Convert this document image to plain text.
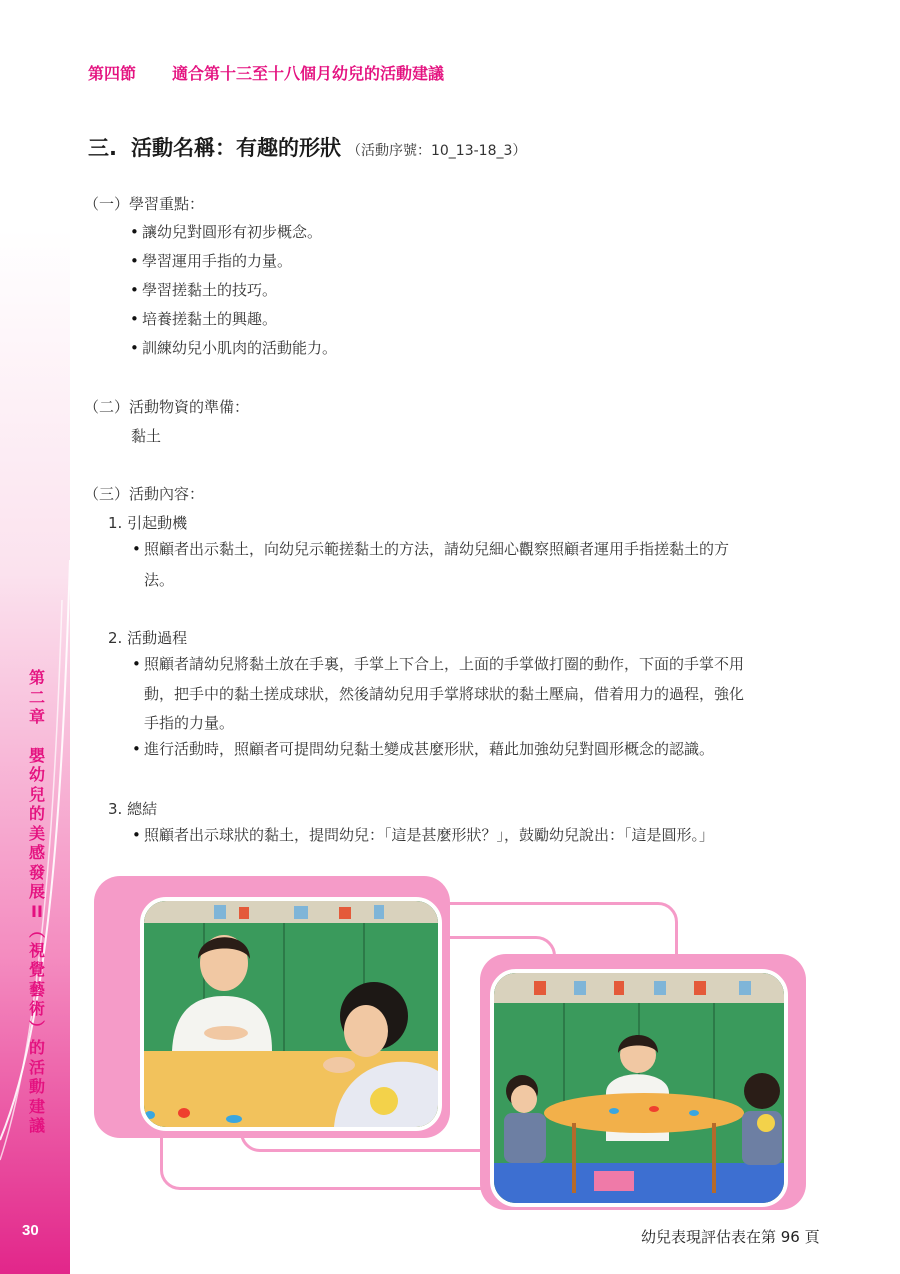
第
二
章
嬰
幼
兒
的
美
感
發
展
II
︵
視
覺
藝
術
︶
的
活
動
建
議
30
第四節 適合第十三至十八個月幼兒的活動建議
三. 活動名稱：有趣的形狀 （活動序號：10_13-18_3）
（一）學習重點：
• 讓幼兒對圓形有初步概念。
• 學習運用手指的力量。
• 學習搓黏土的技巧。
• 培養搓黏土的興趣。
• 訓練幼兒小肌肉的活動能力。
（二）活動物資的準備：
黏土
（三）活動內容：
1. 引起動機
• 照顧者出示黏土，向幼兒示範搓黏土的方法，請幼兒細心觀察照顧者運用手指搓黏土的方
法。
2. 活動過程
• 照顧者請幼兒將黏土放在手裏，手掌上下合上，上面的手掌做打圈的動作，下面的手掌不用
動，把手中的黏土搓成球狀，然後請幼兒用手掌將球狀的黏土壓扁，借着用力的過程，強化
手指的力量。
• 進行活動時，照顧者可提問幼兒黏土變成甚麼形狀，藉此加強幼兒對圓形概念的認識。
3. 總結
• 照顧者出示球狀的黏土，提問幼兒：「這是甚麼形狀？」，鼓勵幼兒說出：「這是圓形。」
幼兒表現評估表在第 96 頁
